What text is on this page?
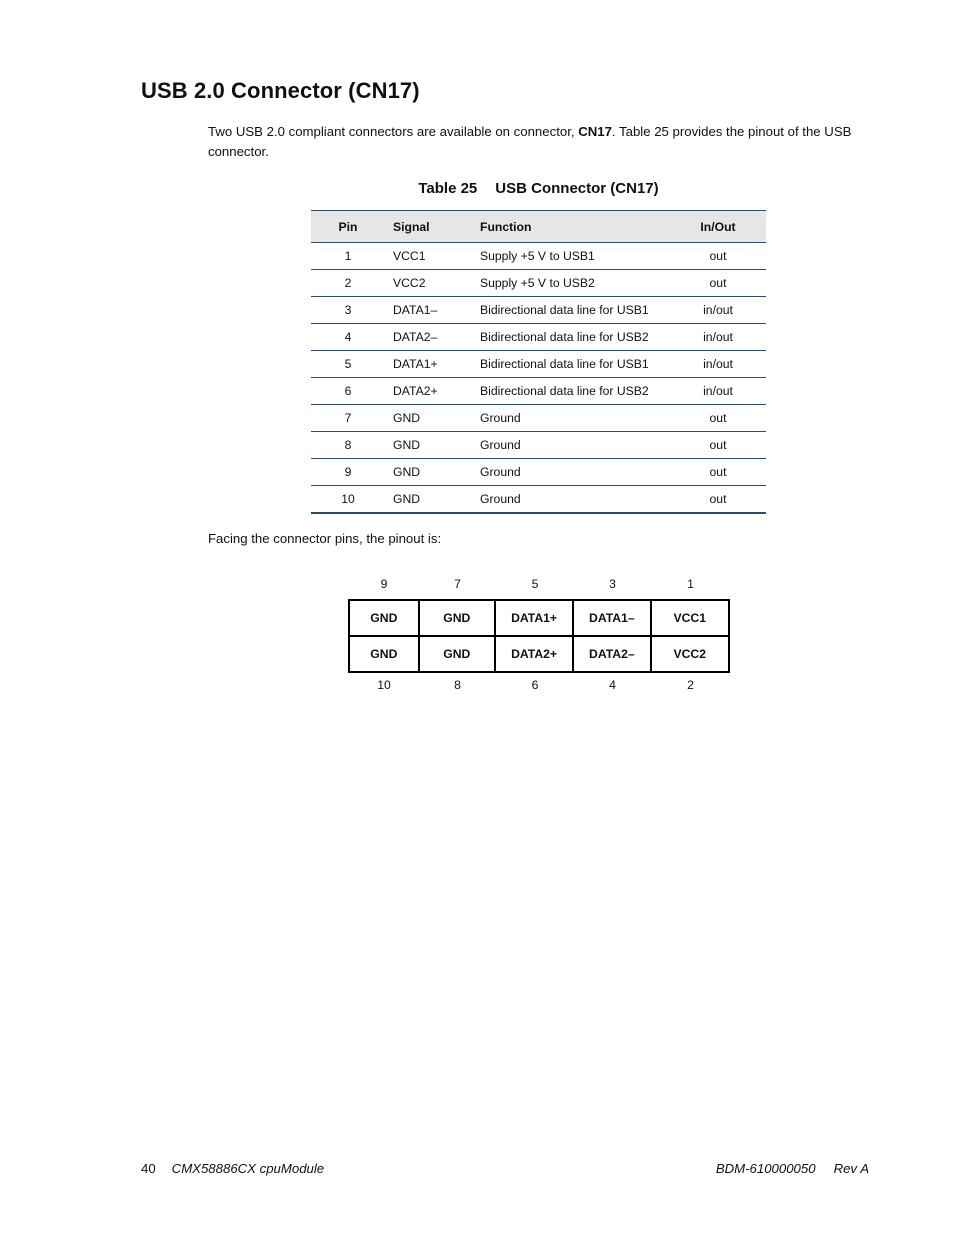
USB 2.0 Connector (CN17)

Two USB 2.0 compliant connectors are available on connector, CN17. Table 25 provides the pinout of the USB connector.

Table 25 USB Connector (CN17)
Pin	Signal	Function	In/Out
1	VCC1	Supply +5 V to USB1	out
2	VCC2	Supply +5 V to USB2	out
3	DATA1–	Bidirectional data line for USB1	in/out
4	DATA2–	Bidirectional data line for USB2	in/out
5	DATA1+	Bidirectional data line for USB1	in/out
6	DATA2+	Bidirectional data line for USB2	in/out
7	GND	Ground	out
8	GND	Ground	out
9	GND	Ground	out
10	GND	Ground	out

Facing the connector pins, the pinout is:

9	7	5	3	1
GND	GND	DATA1+	DATA1–	VCC1
GND	GND	DATA2+	DATA2–	VCC2
10	8	6	4	2
40 CMX58886CX cpuModule	BDM-610000050 Rev A
